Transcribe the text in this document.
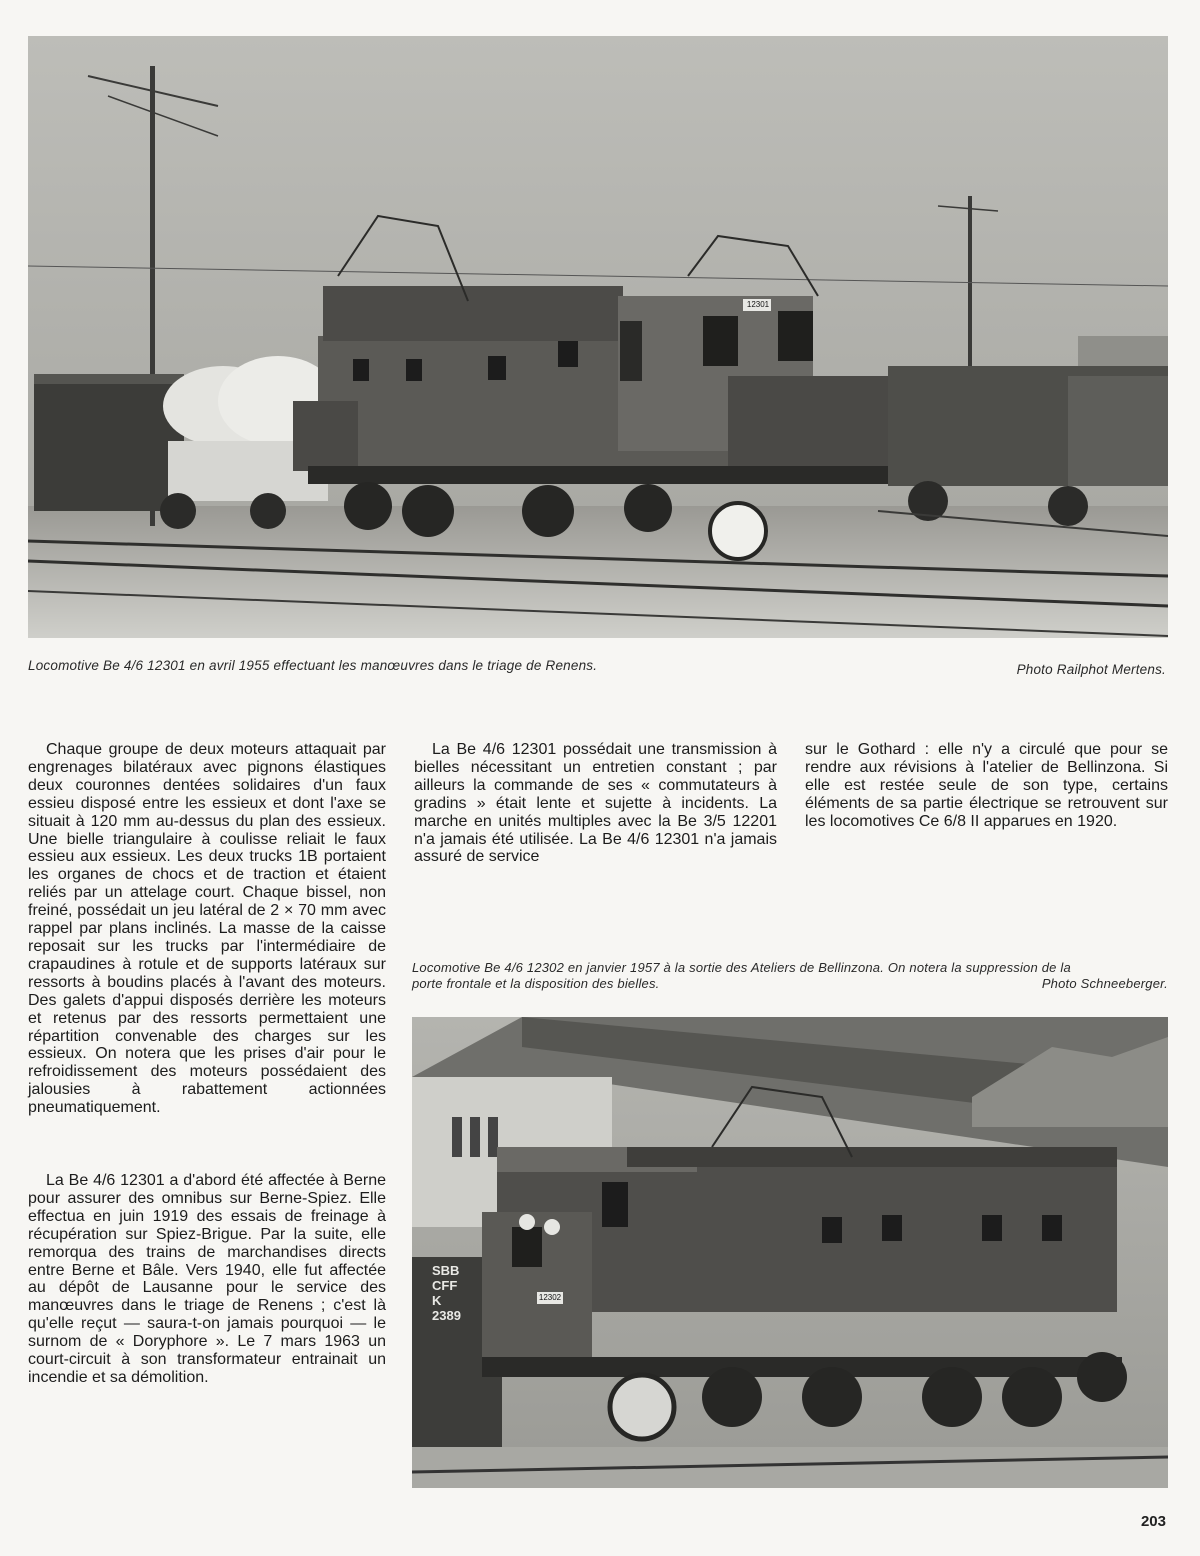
Locomotive Be 4/6 12301 en avril 1955 effectuant les manœuvres dans le triage de Renens.	Photo Railphot Mertens.

Chaque groupe de deux moteurs attaquait par engrenages bilatéraux avec pignons élastiques deux couronnes dentées solidaires d'un faux essieu disposé entre les essieux et dont l'axe se situait à 120 mm au-dessus du plan des essieux. Une bielle triangulaire à coulisse reliait le faux essieu aux essieux. Les deux trucks 1B portaient les organes de chocs et de traction et étaient reliés par un attelage court. Chaque bissel, non freiné, possédait un jeu latéral de 2 × 70 mm avec rappel par plans inclinés. La masse de la caisse reposait sur les trucks par l'intermédiaire de crapaudines à rotule et de supports latéraux sur ressorts à boudins placés à l'avant des moteurs. Des galets d'appui disposés derrière les moteurs et retenus par des ressorts permettaient une répartition convenable des charges sur les essieux. On notera que les prises d'air pour le refroidissement des moteurs possédaient des jalousies à rabattement actionnées pneumatiquement.

La Be 4/6 12301 a d'abord été affectée à Berne pour assurer des omnibus sur Berne-Spiez. Elle effectua en juin 1919 des essais de freinage à récupération sur Spiez-Brigue. Par la suite, elle remorqua des trains de marchandises directs entre Berne et Bâle. Vers 1940, elle fut affectée au dépôt de Lausanne pour le service des manœuvres dans le triage de Renens ; c'est là qu'elle reçut — saura-t-on jamais pourquoi — le surnom de « Doryphore ». Le 7 mars 1963 un court-circuit à son transformateur entrainait un incendie et sa démolition.

La Be 4/6 12301 possédait une transmission à bielles nécessitant un entretien constant ; par ailleurs la commande de ses « commutateurs à gradins » était lente et sujette à incidents. La marche en unités multiples avec la Be 3/5 12201 n'a jamais été utilisée. La Be 4/6 12301 n'a jamais assuré de service

sur le Gothard : elle n'y a circulé que pour se rendre aux révisions à l'atelier de Bellinzona. Si elle est restée seule de son type, certains éléments de sa partie électrique se retrouvent sur les locomotives Ce 6/8 II apparues en 1920.

Locomotive Be 4/6 12302 en janvier 1957 à la sortie des Ateliers de Bellinzona. On notera la suppression de la
porte frontale et la disposition des bielles.	Photo Schneeberger.
SBB
CFF
K
2389
12301
12302
203
